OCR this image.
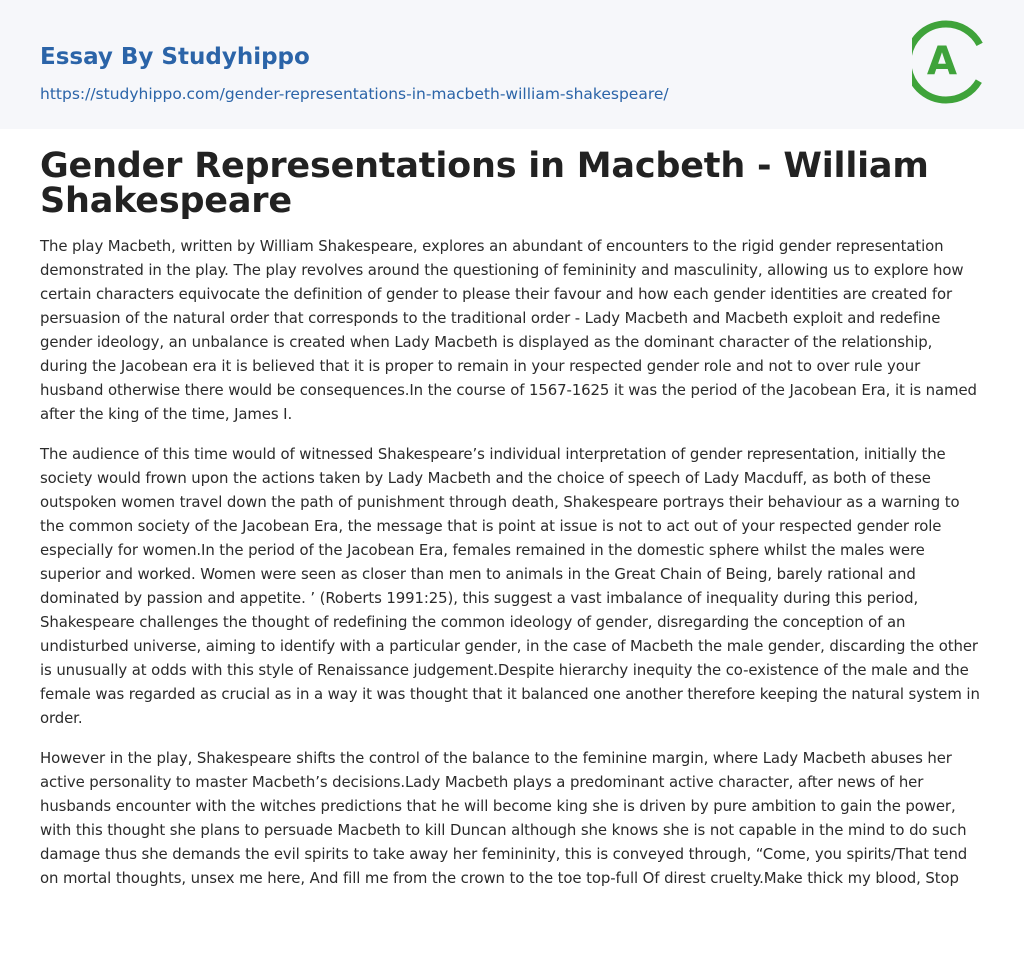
Essay By Studyhippo
https://studyhippo.com/gender-representations-in-macbeth-william-shakespeare/
A
Gender Representations in Macbeth - William Shakespeare

The play Macbeth, written by William Shakespeare, explores an abundant of encounters to the rigid gender representation demonstrated in the play. The play revolves around the questioning of femininity and masculinity, allowing us to explore how certain characters equivocate the definition of gender to please their favour and how each gender identities are created for persuasion of the natural order that corresponds to the traditional order - Lady Macbeth and Macbeth exploit and redefine gender ideology, an unbalance is created when Lady Macbeth is displayed as the dominant character of the relationship, during the Jacobean era it is believed that it is proper to remain in your respected gender role and not to over rule your husband otherwise there would be consequences.In the course of 1567-1625 it was the period of the Jacobean Era, it is named after the king of the time, James I.

The audience of this time would of witnessed Shakespeare’s individual interpretation of gender representation, initially the society would frown upon the actions taken by Lady Macbeth and the choice of speech of Lady Macduff, as both of these outspoken women travel down the path of punishment through death, Shakespeare portrays their behaviour as a warning to the common society of the Jacobean Era, the message that is point at issue is not to act out of your respected gender role especially for women.In the period of the Jacobean Era, females remained in the domestic sphere whilst the males were superior and worked. Women were seen as closer than men to animals in the Great Chain of Being, barely rational and dominated by passion and appetite. ’ (Roberts 1991:25), this suggest a vast imbalance of inequality during this period, Shakespeare challenges the thought of redefining the common ideology of gender, disregarding the conception of an undisturbed universe, aiming to identify with a particular gender, in the case of Macbeth the male gender, discarding the other is unusually at odds with this style of Renaissance judgement.Despite hierarchy inequity the co-existence of the male and the female was regarded as crucial as in a way it was thought that it balanced one another therefore keeping the natural system in order.

However in the play, Shakespeare shifts the control of the balance to the feminine margin, where Lady Macbeth abuses her active personality to master Macbeth’s decisions.Lady Macbeth plays a predominant active character, after news of her husbands encounter with the witches predictions that he will become king she is driven by pure ambition to gain the power, with this thought she plans to persuade Macbeth to kill Duncan although she knows she is not capable in the mind to do such damage thus she demands the evil spirits to take away her femininity, this is conveyed through, “Come, you spirits/That tend on mortal thoughts, unsex me here, And fill me from the crown to the toe top-full Of direst cruelty.Make thick my blood, Stop
